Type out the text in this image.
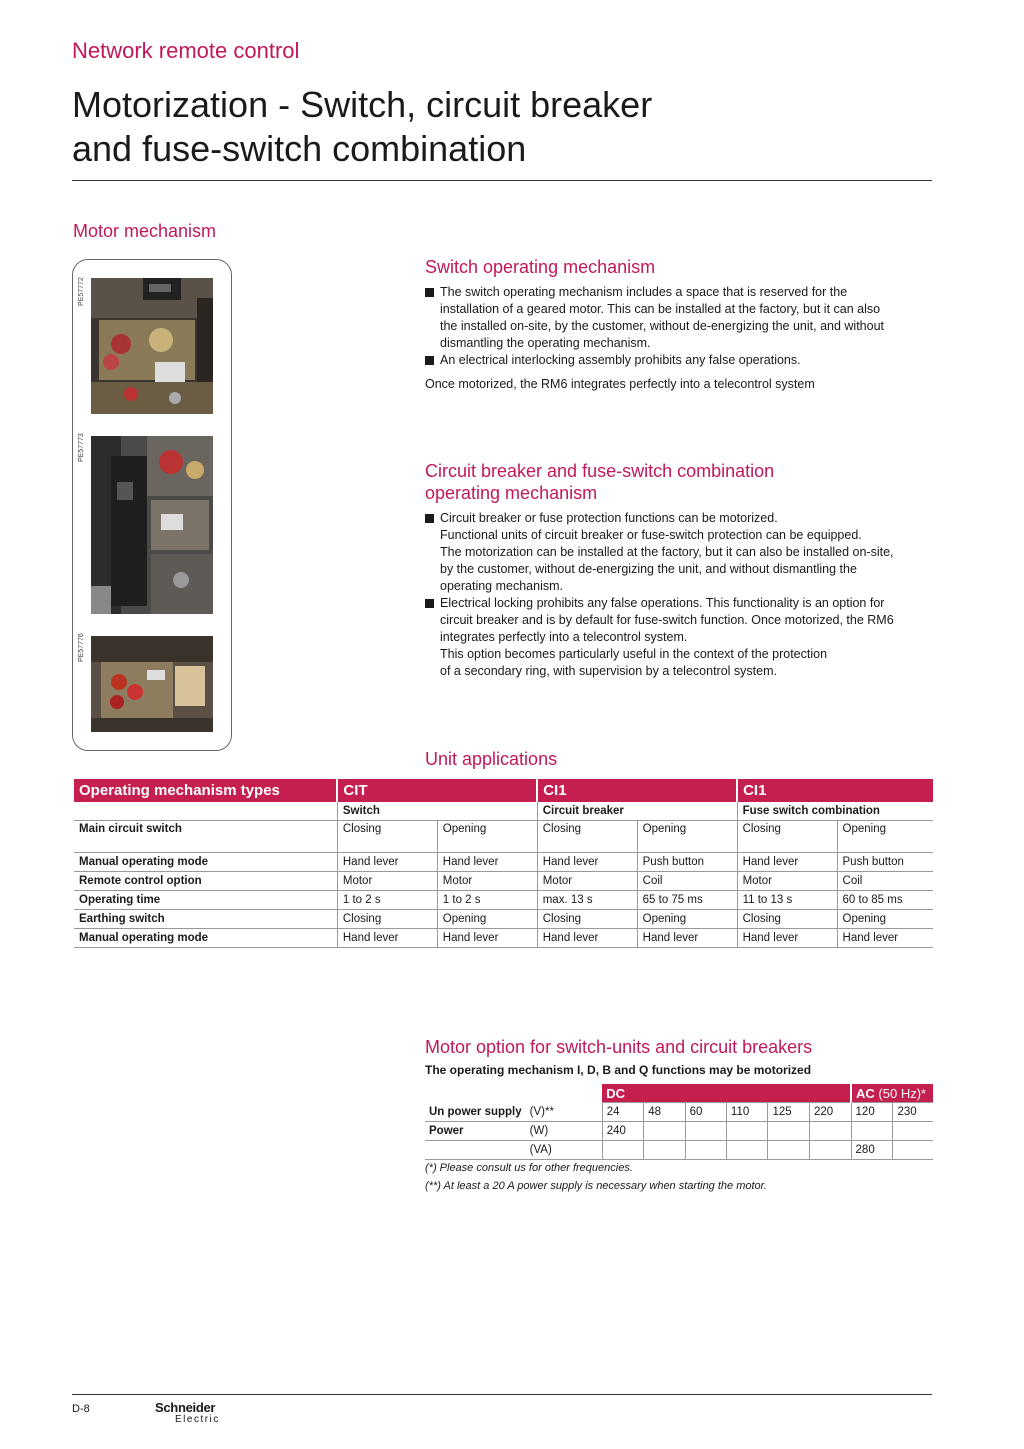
Network remote control
Motorization - Switch, circuit breaker
and fuse-switch combination
Motor mechanism
PE57772
PE57773
PE57776
Switch operating mechanism
The switch operating mechanism includes a space that is reserved for the
installation of a geared motor. This can be installed at the factory, but it can also
the installed on-site, by the customer, without de-energizing the unit, and without
dismantling the operating mechanism.
An electrical interlocking assembly prohibits any false operations.
Once motorized, the RM6 integrates perfectly into a telecontrol system
Circuit breaker and fuse-switch combination
operating mechanism
Circuit breaker or fuse protection functions can be motorized.
Functional units of circuit breaker or fuse-switch protection can be equipped.
The motorization can be installed at the factory, but it can also be installed on-site,
by the customer, without de-energizing the unit, and without dismantling the
operating mechanism.
Electrical locking prohibits any false operations. This functionality is an option for
circuit breaker and is by default for fuse-switch function. Once motorized, the RM6
integrates perfectly into a telecontrol system.
This option becomes particularly useful in the context of the protection
of a secondary ring, with supervision by a telecontrol system.
Unit applications
Operating mechanism types	CIT		CI1		CI1	
	Switch		Circuit breaker		Fuse switch combination	
Main circuit switch	Closing	Opening	Closing	Opening	Closing	Opening
Manual operating mode	Hand lever	Hand lever	Hand lever	Push button	Hand lever	Push button
Remote control option	Motor	Motor	Motor	Coil	Motor	Coil
Operating time	1 to 2 s	1 to 2 s	max. 13 s	65 to 75 ms	11 to 13 s	60 to 85 ms
Earthing switch	Closing	Opening	Closing	Opening	Closing	Opening
Manual operating mode	Hand lever	Hand lever	Hand lever	Hand lever	Hand lever	Hand lever
Motor option for switch-units and circuit breakers
The operating mechanism I, D, B and Q functions may be motorized
		DC						AC (50 Hz)*	
Un power supply	(V)**	24	48	60	110	125	220	120	230
Power	(W)	240							
	(VA)							280	
(*) Please consult us for other frequencies.
(**) At least a 20 A power supply is necessary when starting the motor.
D-8	Schneider
Electric
